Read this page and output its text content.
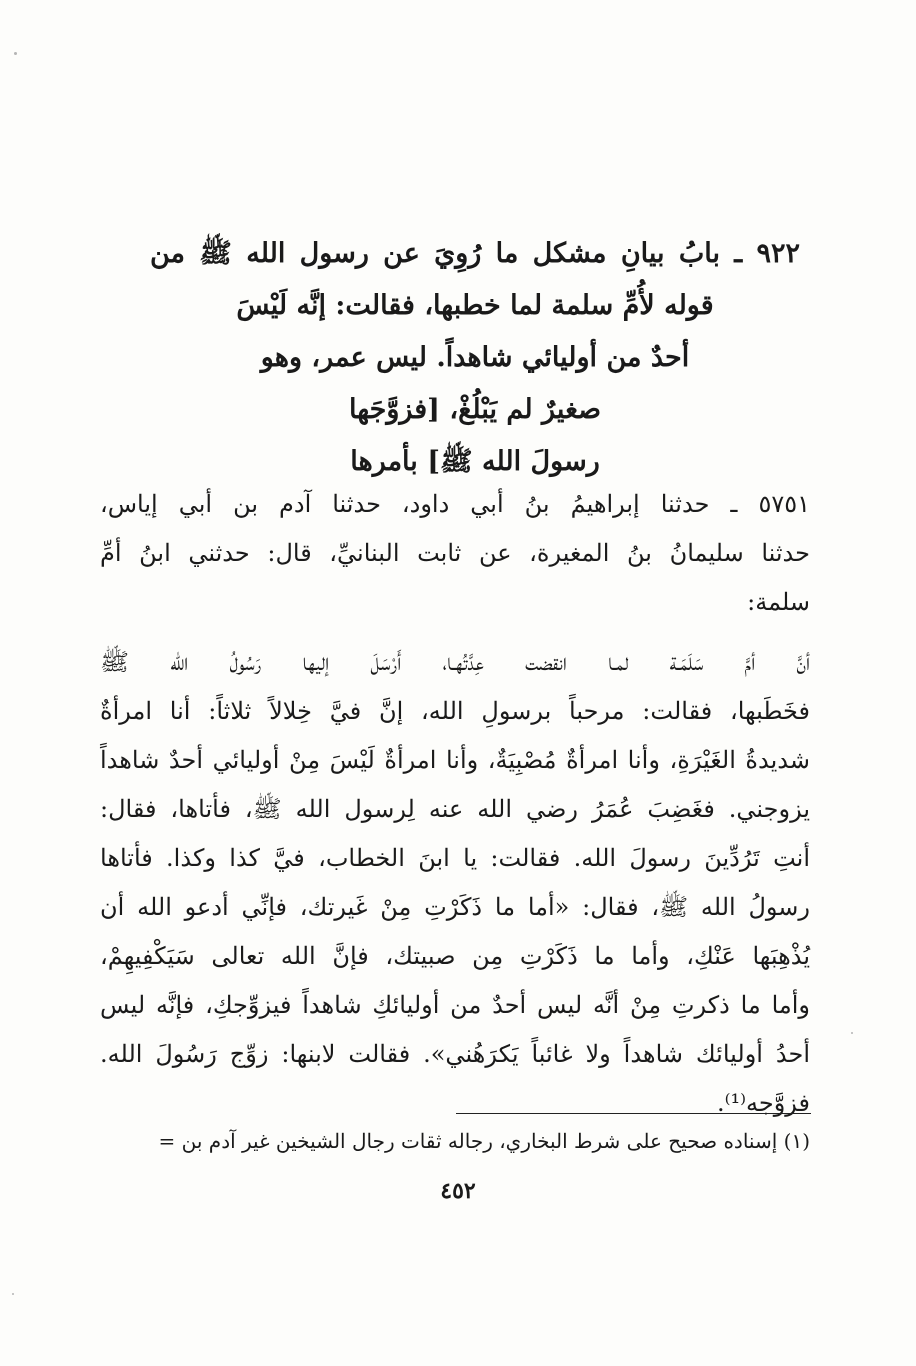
٩٢٢ ـ بابُ بيانِ مشكل ما رُوِيَ عن رسول الله ﷺ من
قوله لأُمِّ سلمة لما خطبها، فقالت: إنَّه لَيْسَ
أحدٌ من أوليائي شاهداً. ليس عمر، وهو
صغيرٌ لم يَبْلُغْ، [فزوَّجَها
رسولَ الله ﷺ] بأمرها
٥٧٥١ ـ حدثنا إبراهيمُ بنُ أبي داود، حدثنا آدم بن أبي إياس،
حدثنا سليمانُ بنُ المغيرة، عن ثابت البنانيِّ، قال: حدثني ابنُ أمِّ
سلمة:
أنَّ أمَّ سَلَمَـة لمـا انقضت عِدَّتُهـا، أَرْسَلَ إليها رَسُولُ الله ﷺ
فخَطَبها، فقالت: مرحباً برسولِ الله، إنَّ فيَّ خِلالاً ثلاثاً: أنا امرأةٌ
شديدةُ الغَيْرَةِ، وأنا امرأةٌ مُصْبِيَةٌ، وأنا امرأةٌ لَيْسَ مِنْ أوليائي أحدٌ شاهداً
يزوجني. فغَضِبَ عُمَرُ رضي الله عنه لِرسول الله ﷺ، فأتاها، فقال:
أنتِ تَرُدِّينَ رسولَ الله. فقالت: يا ابنَ الخطاب، فيَّ كذا وكذا. فأتاها
رسولُ الله ﷺ، فقال: «أما ما ذَكَرْتِ مِنْ غَيرتك، فإنِّي أدعو الله أن
يُذْهِبَها عَنْكِ، وأما ما ذَكَرْتِ مِن صبيتك، فإنَّ الله تعالى سَيَكْفِيهِمْ،
وأما ما ذكرتِ مِنْ أنَّه ليس أحدٌ من أوليائكِ شاهداً فيزوِّجكِ، فإنَّه ليس
أحدُ أوليائك شاهداً ولا غائباً يَكرَهُني». فقالت لابنها: زوِّج رَسُولَ الله.
فزوَّجه⁽¹⁾.
(١) إسناده صحيح على شرط البخاري، رجاله ثقات رجال الشيخين غير آدم بن =
٤٥٢
